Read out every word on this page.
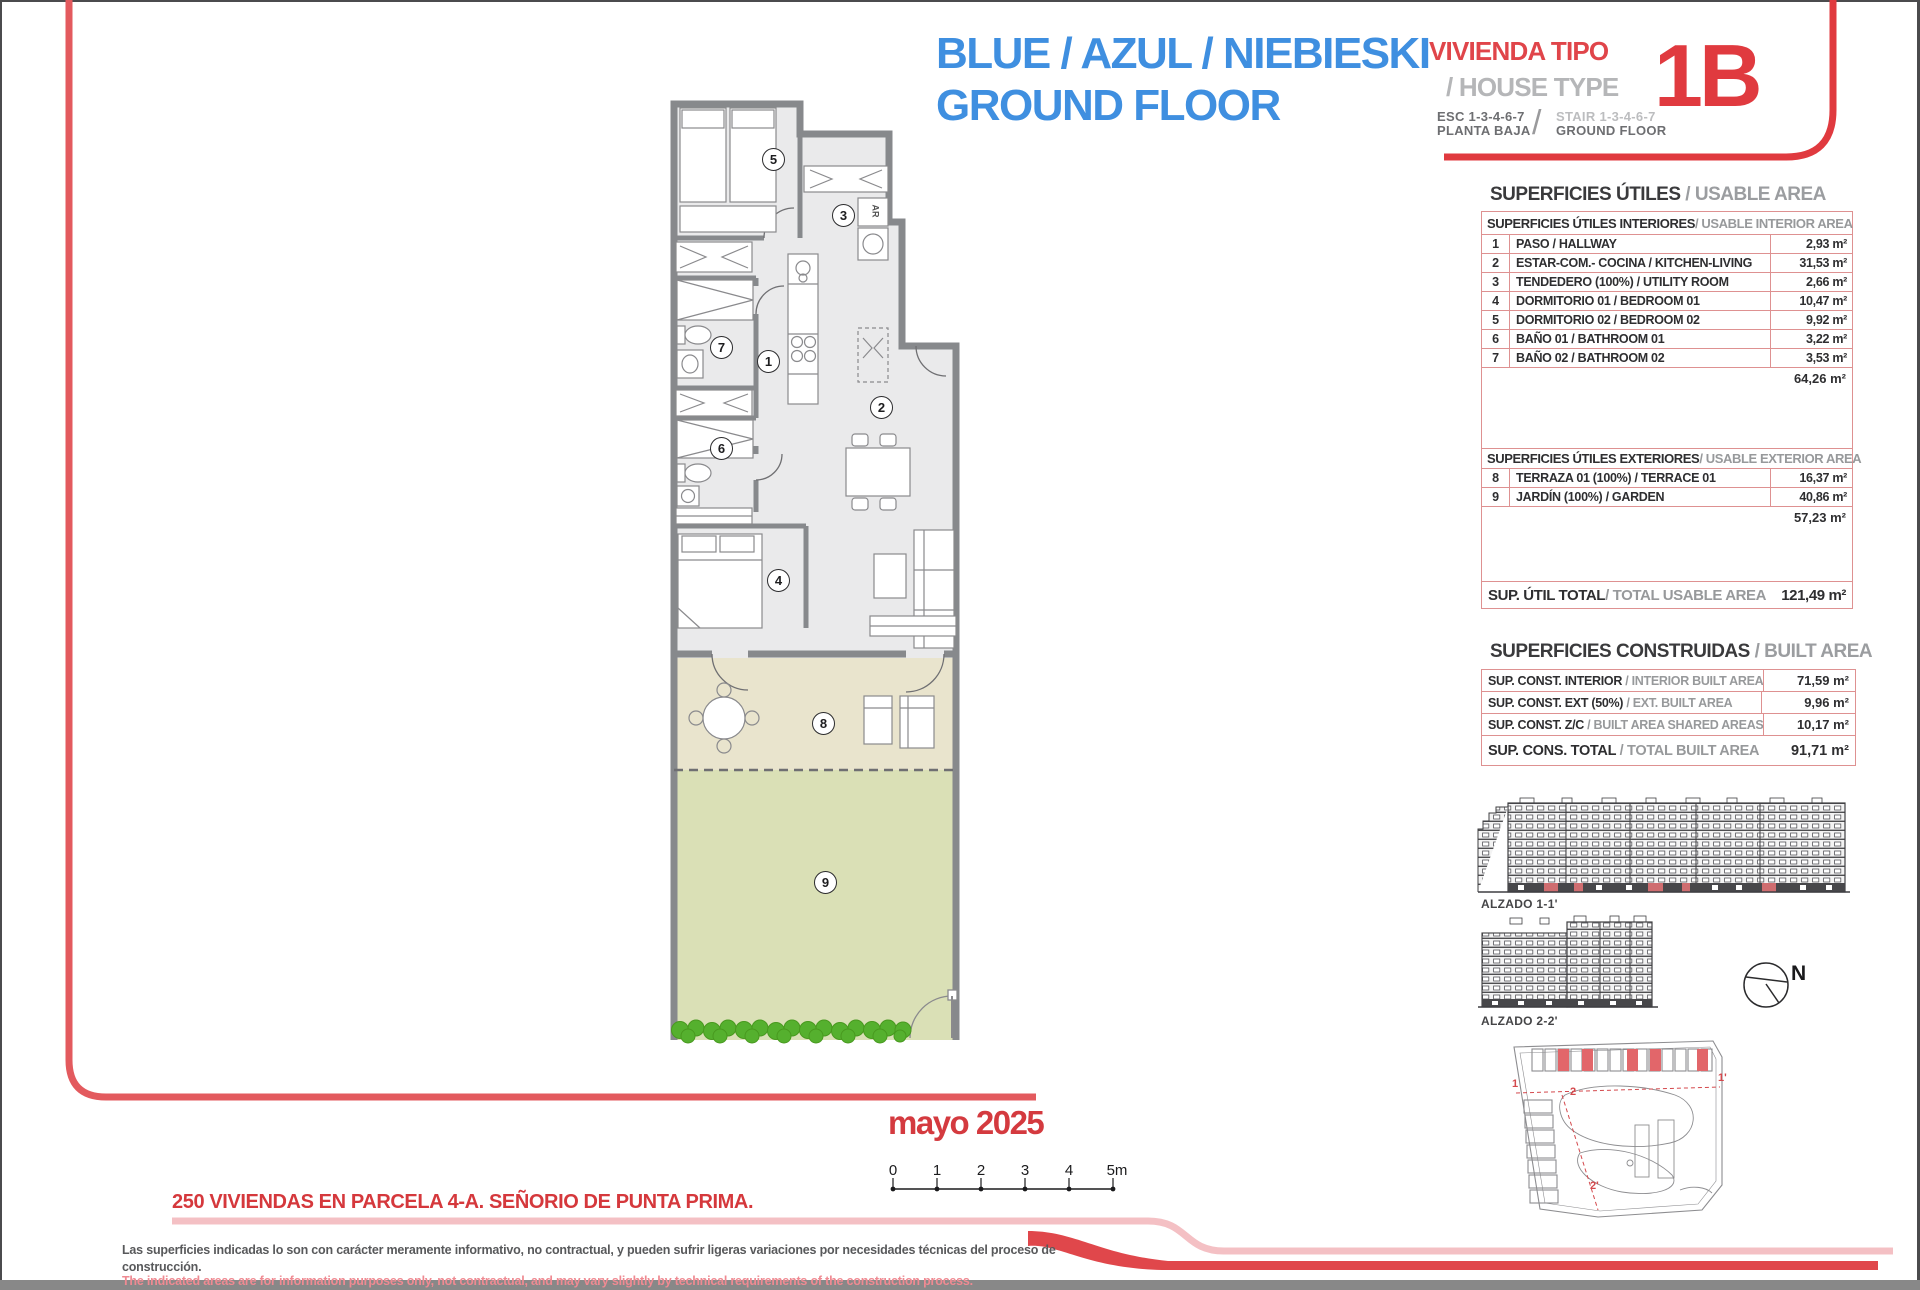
BLUE / AZUL / NIEBIESKI
GROUND FLOOR
VIVIENDA TIPO
/ HOUSE TYPE
ESC 1-3-4-6-7
PLANTA BAJA / STAIR 1-3-4-6-7
GROUND FLOOR
1B
1
2
3
4
5
6
7
8
9
AR
SUPERFICIES ÚTILES / USABLE AREA
SUPERFICIES ÚTILES INTERIORES / USABLE INTERIOR AREA
1	PASO / HALLWAY	2,93 m²
2	ESTAR-COM.- COCINA / KITCHEN-LIVING	31,53 m²
3	TENDEDERO (100%) / UTILITY ROOM	2,66 m²
4	DORMITORIO 01 / BEDROOM 01	10,47 m²
5	DORMITORIO 02 / BEDROOM 02	9,92 m²
6	BAÑO 01 / BATHROOM 01	3,22 m²
7	BAÑO 02 / BATHROOM 02	3,53 m²
64,26 m²
SUPERFICIES ÚTILES EXTERIORES / USABLE EXTERIOR AREA
8	TERRAZA 01 (100%) / TERRACE 01	16,37 m²
9	JARDÍN (100%) / GARDEN	40,86 m²
57,23 m²
SUP. ÚTIL TOTAL / TOTAL USABLE AREA 121,49 m²
SUPERFICIES CONSTRUIDAS / BUILT AREA
SUP. CONST. INTERIOR / INTERIOR BUILT AREA	71,59 m²
SUP. CONST. EXT (50%) / EXT. BUILT AREA	9,96 m²
SUP. CONST. Z/C / BUILT AREA SHARED AREAS	10,17 m²
SUP. CONS. TOTAL / TOTAL BUILT AREA	91,71 m²
ALZADO 1-1'
ALZADO 2-2'
N
1	1'
2
2'
mayo 2025
0 1 2 3 4 5m
250 VIVIENDAS EN PARCELA 4-A. SEÑORIO DE PUNTA PRIMA.
Las superficies indicadas lo son con carácter meramente informativo, no contractual, y pueden sufrir ligeras variaciones por necesidades técnicas del proceso de construcción.
The indicated areas are for information purposes only, not contractual, and may vary slightly by technical requirements of the construction process.
